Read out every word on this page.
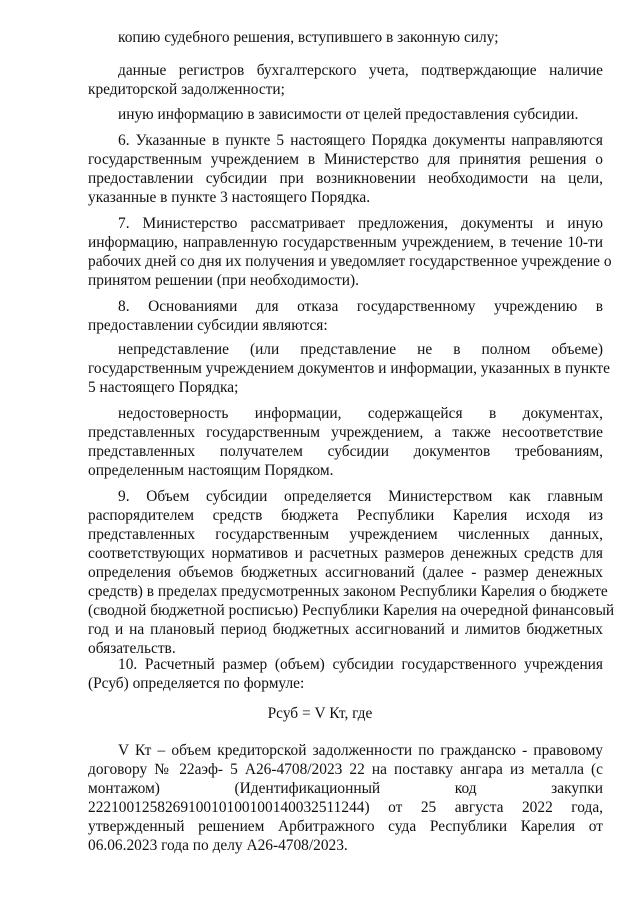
копию судебного решения, вступившего в законную силу;
данные регистров бухгалтерского учета, подтверждающие наличие
кредиторской задолженности;
иную информацию в зависимости от целей предоставления субсидии.
6. Указанные в пункте 5 настоящего Порядка документы направляются
государственным учреждением в Министерство для принятия решения о
предоставлении субсидии при возникновении необходимости на цели,
указанные в пункте 3 настоящего Порядка.
7. Министерство рассматривает предложения, документы и иную
информацию, направленную государственным учреждением, в течение 10-ти
рабочих дней со дня их получения и уведомляет государственное учреждение о
принятом решении (при необходимости).
8. Основаниями для отказа государственному учреждению в
предоставлении субсидии являются:
непредставление (или представление не в полном объеме)
государственным учреждением документов и информации, указанных в пункте
5 настоящего Порядка;
недостоверность информации, содержащейся в документах,
представленных государственным учреждением, а также несоответствие
представленных получателем субсидии документов требованиям,
определенным настоящим Порядком.
9. Объем субсидии определяется Министерством как главным
распорядителем средств бюджета Республики Карелия исходя из
представленных государственным учреждением численных данных,
соответствующих нормативов и расчетных размеров денежных средств для
определения объемов бюджетных ассигнований (далее - размер денежных
средств) в пределах предусмотренных законом Республики Карелия о бюджете
(сводной бюджетной росписью) Республики Карелия на очередной финансовый
год и на плановый период бюджетных ассигнований и лимитов бюджетных
обязательств.
10. Расчетный размер (объем) субсидии государственного учреждения
(Рсуб) определяется по формуле:
Рсуб = V Кт, где
V Кт – объем кредиторской задолженности по гражданско - правовому
договору № 22аэф- 5 А26-4708/2023 22 на поставку ангара из металла (с
монтажом) (Идентификационный код закупки
222100125826910010100100140032511244) от 25 августа 2022 года,
утвержденный решением Арбитражного суда Республики Карелия от
06.06.2023 года по делу А26-4708/2023.
